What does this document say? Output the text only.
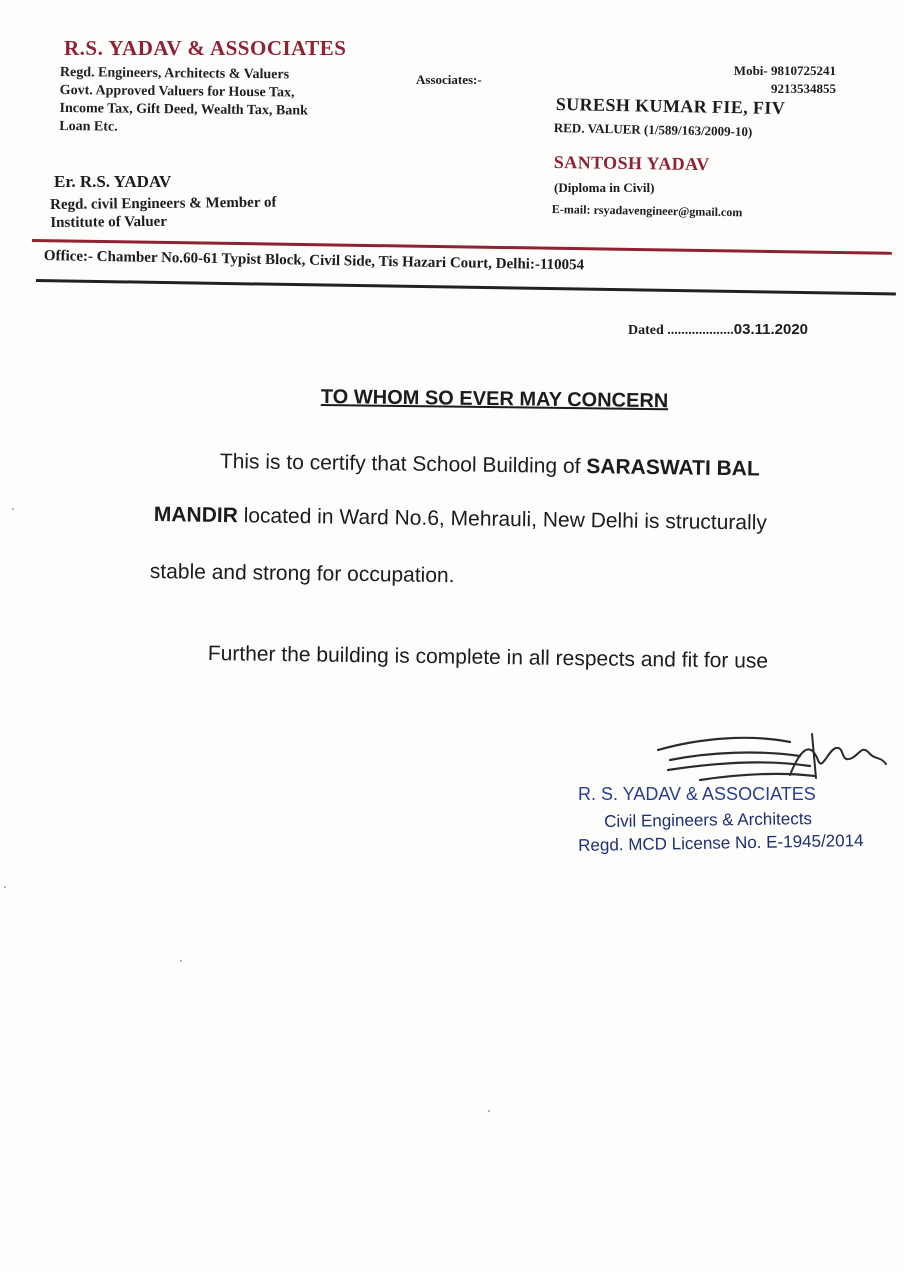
R.S. YADAV & ASSOCIATES
Regd. Engineers, Architects & Valuers
Govt. Approved Valuers for House Tax,
Income Tax, Gift Deed, Wealth Tax, Bank
Loan Etc.
Associates:-
Mobi- 9810725241
9213534855
SURESH KUMAR FIE, FIV
RED. VALUER (1/589/163/2009-10)
SANTOSH YADAV
(Diploma in Civil)
E-mail: rsyadavengineer@gmail.com
Er. R.S. YADAV
Regd. civil Engineers & Member of
Institute of Valuer
Office:- Chamber No.60-61 Typist Block, Civil Side, Tis Hazari Court, Delhi:-110054
Dated ...................03.11.2020
TO WHOM SO EVER MAY CONCERN
This is to certify that School Building of SARASWATI BAL
MANDIR located in Ward No.6, Mehrauli, New Delhi is structurally
stable and strong for occupation.
Further the building is complete in all respects and fit for use
R. S. YADAV & ASSOCIATES
Civil Engineers & Architects
Regd. MCD License No. E-1945/2014
